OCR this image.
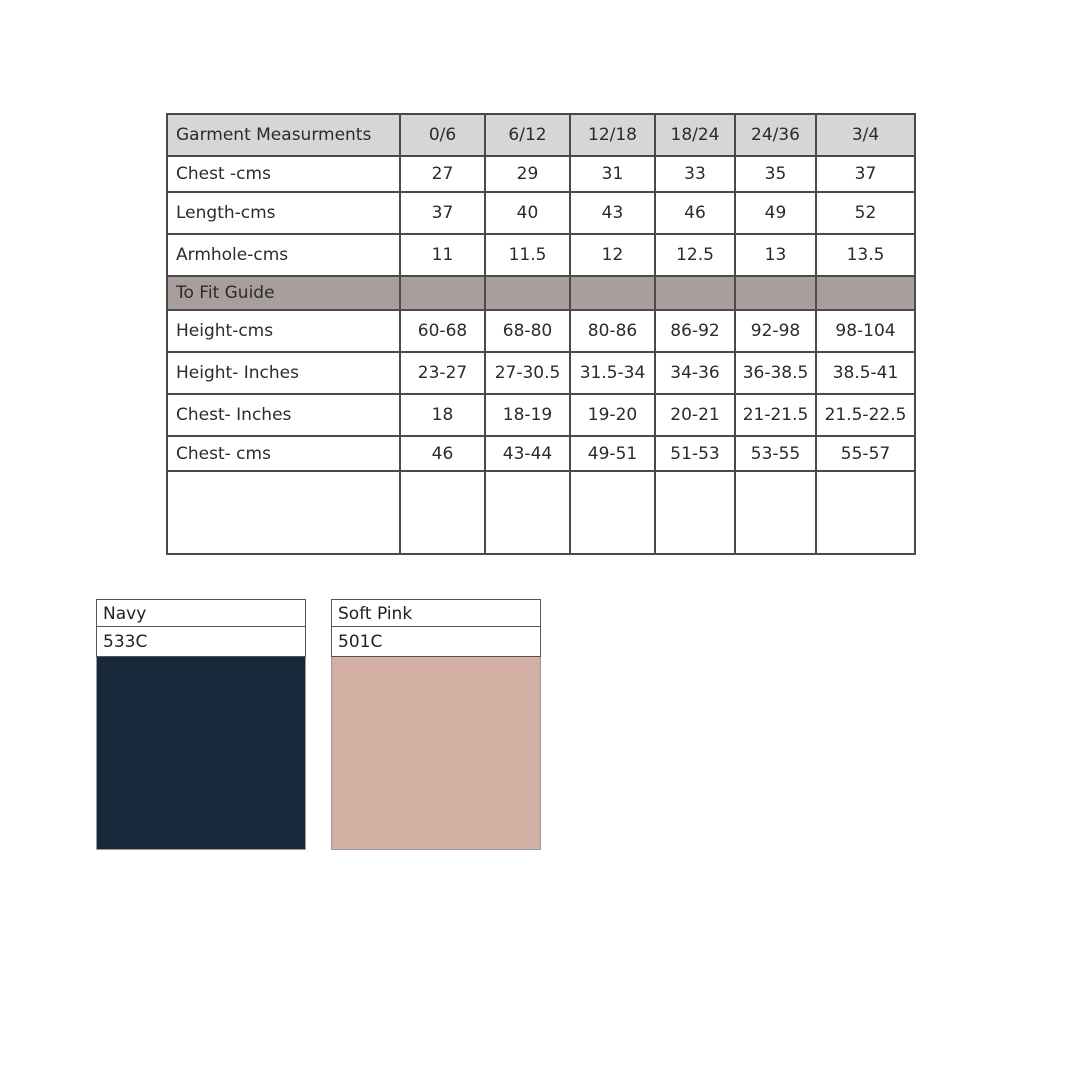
Garment Measurments	0/6	6/12	12/18	18/24	24/36	3/4
Chest -cms	27	29	31	33	35	37
Length-cms	37	40	43	46	49	52
Armhole-cms	11	11.5	12	12.5	13	13.5
To Fit Guide						
Height-cms	60-68	68-80	80-86	86-92	92-98	98-104
Height- Inches	23-27	27-30.5	31.5-34	34-36	36-38.5	38.5-41
Chest- Inches	18	18-19	19-20	20-21	21-21.5	21.5-22.5
Chest- cms	46	43-44	49-51	51-53	53-55	55-57

Navy
533C
Soft Pink
501C
